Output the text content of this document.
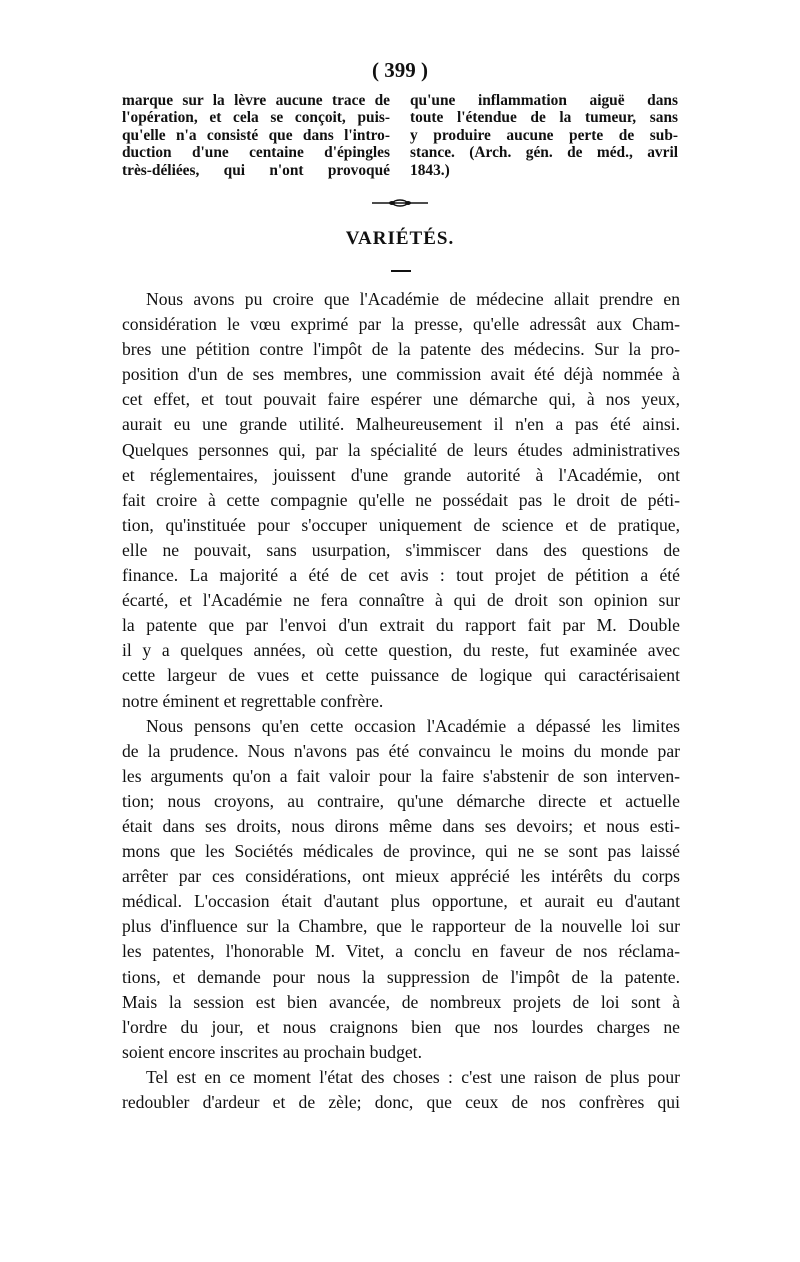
( 399 )
marque sur la lèvre aucune trace de
l'opération, et cela se conçoit, puis-
qu'elle n'a consisté que dans l'intro-
duction d'une centaine d'épingles
très-déliées, qui n'ont provoqué
qu'une inflammation aiguë dans
toute l'étendue de la tumeur, sans
y produire aucune perte de sub-
stance. (Arch. gén. de méd., avril
1843.)
VARIÉTÉS.

Nous avons pu croire que l'Académie de médecine allait prendre en
considération le vœu exprimé par la presse, qu'elle adressât aux Cham-
bres une pétition contre l'impôt de la patente des médecins. Sur la pro-
position d'un de ses membres, une commission avait été déjà nommée à
cet effet, et tout pouvait faire espérer une démarche qui, à nos yeux,
aurait eu une grande utilité. Malheureusement il n'en a pas été ainsi.
Quelques personnes qui, par la spécialité de leurs études administratives
et réglementaires, jouissent d'une grande autorité à l'Académie, ont
fait croire à cette compagnie qu'elle ne possédait pas le droit de péti-
tion, qu'instituée pour s'occuper uniquement de science et de pratique,
elle ne pouvait, sans usurpation, s'immiscer dans des questions de
finance. La majorité a été de cet avis : tout projet de pétition a été
écarté, et l'Académie ne fera connaître à qui de droit son opinion sur
la patente que par l'envoi d'un extrait du rapport fait par M. Double
il y a quelques années, où cette question, du reste, fut examinée avec
cette largeur de vues et cette puissance de logique qui caractérisaient
notre éminent et regrettable confrère.

Nous pensons qu'en cette occasion l'Académie a dépassé les limites
de la prudence. Nous n'avons pas été convaincu le moins du monde par
les arguments qu'on a fait valoir pour la faire s'abstenir de son interven-
tion; nous croyons, au contraire, qu'une démarche directe et actuelle
était dans ses droits, nous dirons même dans ses devoirs; et nous esti-
mons que les Sociétés médicales de province, qui ne se sont pas laissé
arrêter par ces considérations, ont mieux apprécié les intérêts du corps
médical. L'occasion était d'autant plus opportune, et aurait eu d'autant
plus d'influence sur la Chambre, que le rapporteur de la nouvelle loi sur
les patentes, l'honorable M. Vitet, a conclu en faveur de nos réclama-
tions, et demande pour nous la suppression de l'impôt de la patente.
Mais la session est bien avancée, de nombreux projets de loi sont à
l'ordre du jour, et nous craignons bien que nos lourdes charges ne
soient encore inscrites au prochain budget.

Tel est en ce moment l'état des choses : c'est une raison de plus pour
redoubler d'ardeur et de zèle; donc, que ceux de nos confrères qui
